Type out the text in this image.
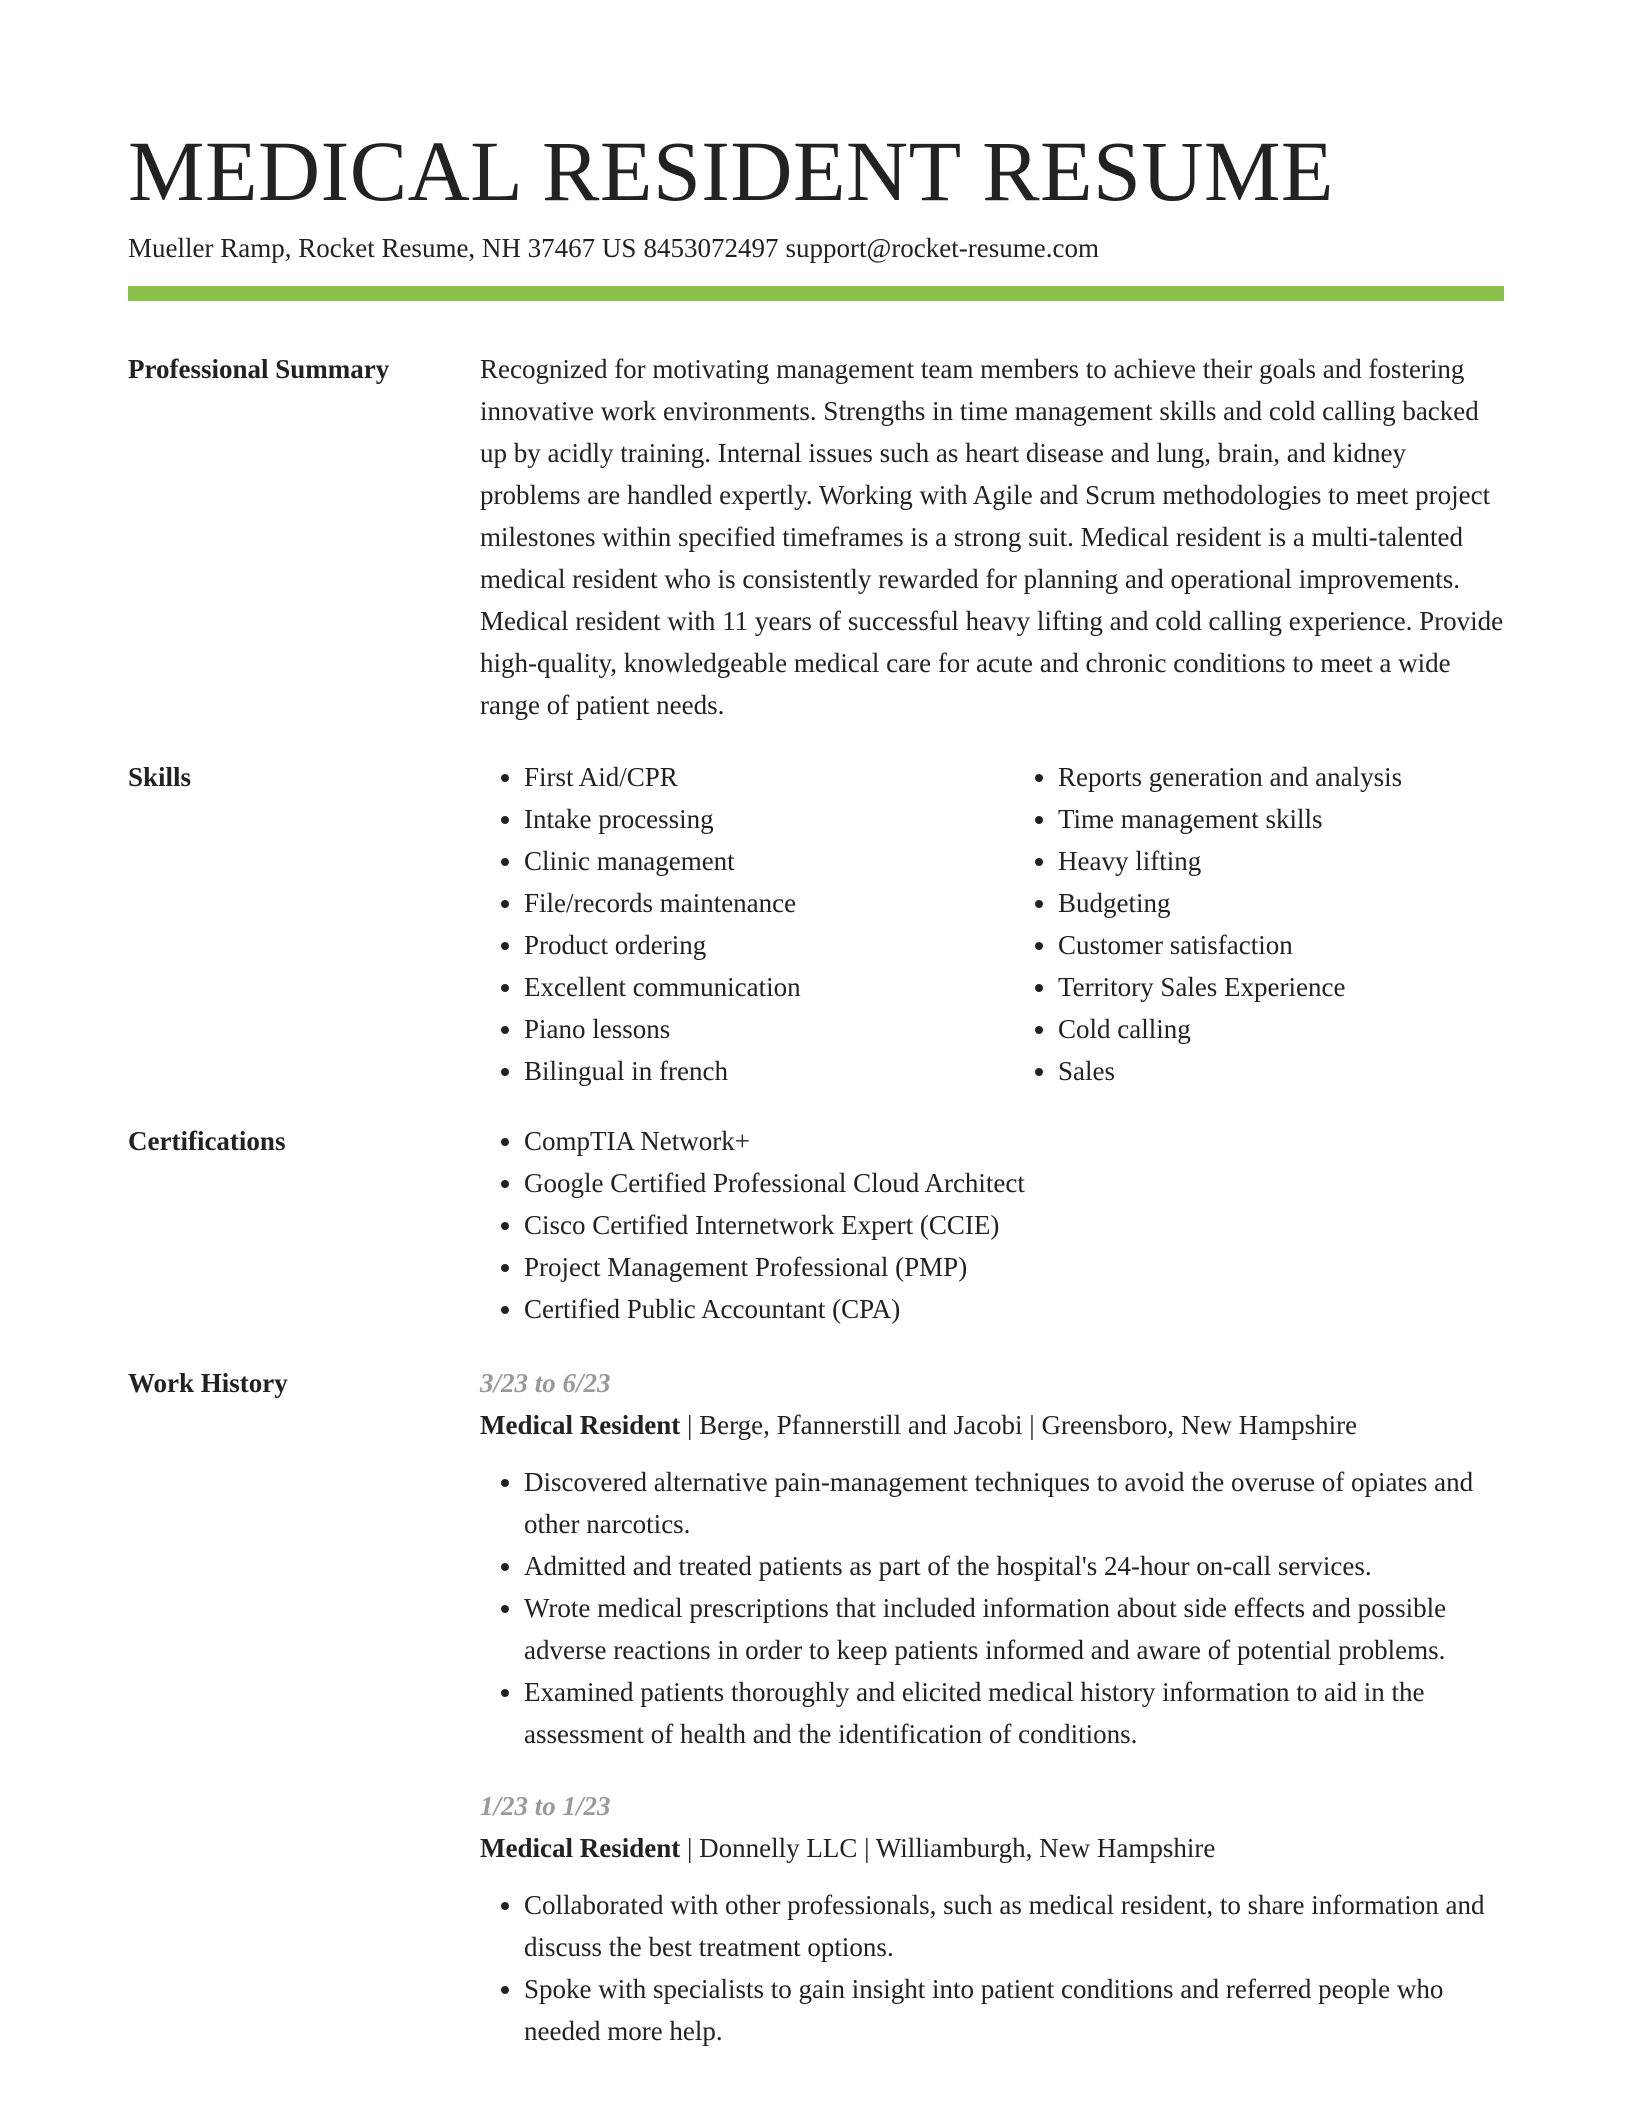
MEDICAL RESIDENT RESUME
Mueller Ramp, Rocket Resume, NH 37467 US 8453072497 support@rocket-resume.com
Professional Summary	Recognized for motivating management team members to achieve their goals and fostering innovative work environments. Strengths in time management skills and cold calling backed up by acidly training. Internal issues such as heart disease and lung, brain, and kidney problems are handled expertly. Working with Agile and Scrum methodologies to meet project milestones within specified timeframes is a strong suit. Medical resident is a multi-talented medical resident who is consistently rewarded for planning and operational improvements. Medical resident with 11 years of successful heavy lifting and cold calling experience. Provide high-quality, knowledgeable medical care for acute and chronic conditions to meet a wide range of patient needs.

Skills	• First Aid/CPR
• Intake processing
• Clinic management
• File/records maintenance
• Product ordering
• Excellent communication
• Piano lessons
• Bilingual in french
• Reports generation and analysis
• Time management skills
• Heavy lifting
• Budgeting
• Customer satisfaction
• Territory Sales Experience
• Cold calling
• Sales
Certifications	• CompTIA Network+
• Google Certified Professional Cloud Architect
• Cisco Certified Internetwork Expert (CCIE)
• Project Management Professional (PMP)
• Certified Public Accountant (CPA)
Work History	3/23 to 6/23
Medical Resident | Berge, Pfannerstill and Jacobi | Greensboro, New Hampshire
• Discovered alternative pain-management techniques to avoid the overuse of opiates and other narcotics.
• Admitted and treated patients as part of the hospital's 24-hour on-call services.
• Wrote medical prescriptions that included information about side effects and possible adverse reactions in order to keep patients informed and aware of potential problems.
• Examined patients thoroughly and elicited medical history information to aid in the assessment of health and the identification of conditions.
1/23 to 1/23
Medical Resident | Donnelly LLC | Williamburgh, New Hampshire
• Collaborated with other professionals, such as medical resident, to share information and discuss the best treatment options.
• Spoke with specialists to gain insight into patient conditions and referred people who needed more help.
